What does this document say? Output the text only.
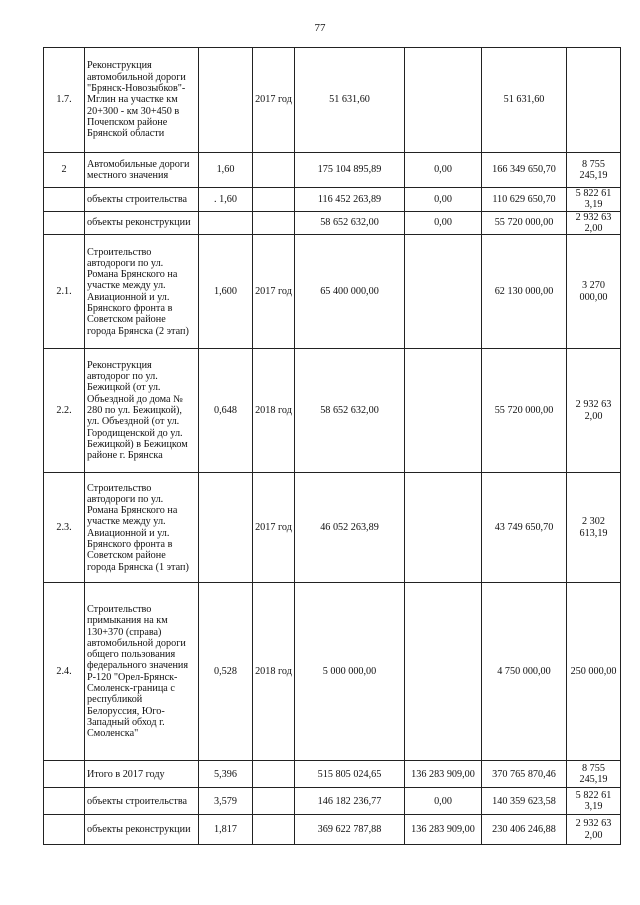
77
1.7.	Реконструкция автомобильной дороги "Брянск-Новозыбков"-Мглин на участке км 20+300 - км 30+450 в Почепском районе Брянской области		2017 год	51 631,60		51 631,60	
2	Автомобильные дороги местного значения	1,60		175 104 895,89	0,00	166 349 650,70	8 755 245,19
	объекты строительства	. 1,60		116 452 263,89	0,00	110 629 650,70	5 822 61 3,19
	объекты реконструкции			58 652 632,00	0,00	55 720 000,00	2 932 63 2,00
2.1.	Строительство автодороги по ул. Романа Брянского на участке между ул. Авиационной и ул. Брянского фронта в Советском районе города Брянска (2 этап)	1,600	2017 год	65 400 000,00		62 130 000,00	3 270 000,00
2.2.	Реконструкция автодорог по ул. Бежицкой (от ул. Объездной до дома № 280 по ул. Бежицкой), ул. Объездной (от ул. Городищенской до ул. Бежицкой) в Бежицком районе г. Брянска	0,648	2018 год	58 652 632,00		55 720 000,00	2 932 63 2,00
2.3.	Строительство автодороги по ул. Романа Брянского на участке между ул. Авиационной и ул. Брянского фронта в Советском районе города Брянска (1 этап)		2017 год	46 052 263,89		43 749 650,70	2 302 613,19
2.4.	Строительство примыкания на км 130+370 (справа) автомобильной дороги общего пользования федерального значения Р-120 "Орел-Брянск-Смоленск-граница с республикой Белоруссия, Юго-Западный обход г. Смоленска"	0,528	2018 год	5 000 000,00		4 750 000,00	250 000,00
	Итого в 2017 году	5,396		515 805 024,65	136 283 909,00	370 765 870,46	8 755 245,19
	объекты строительства	3,579		146 182 236,77	0,00	140 359 623,58	5 822 61 3,19
	объекты реконструкции	1,817		369 622 787,88	136 283 909,00	230 406 246,88	2 932 63 2,00
